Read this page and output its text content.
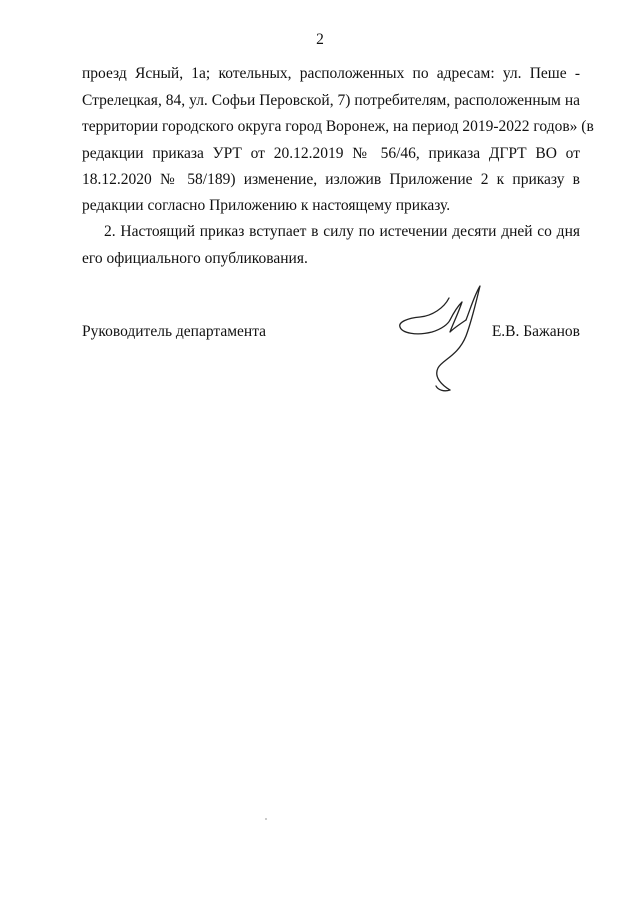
2
проезд Ясный, 1а; котельных, расположенных по адресам: ул. Пеше -
Стрелецкая, 84, ул. Софьи Перовской, 7) потребителям, расположенным на
территории городского округа город Воронеж, на период 2019-2022 годов» (в
редакции приказа УРТ от 20.12.2019 № 56/46, приказа ДГРТ ВО от
18.12.2020 № 58/189) изменение, изложив Приложение 2 к приказу в
редакции согласно Приложению к настоящему приказу.
2. Настоящий приказ вступает в силу по истечении десяти дней со дня
его официального опубликования.
Руководитель департамента	Е.В. Бажанов
